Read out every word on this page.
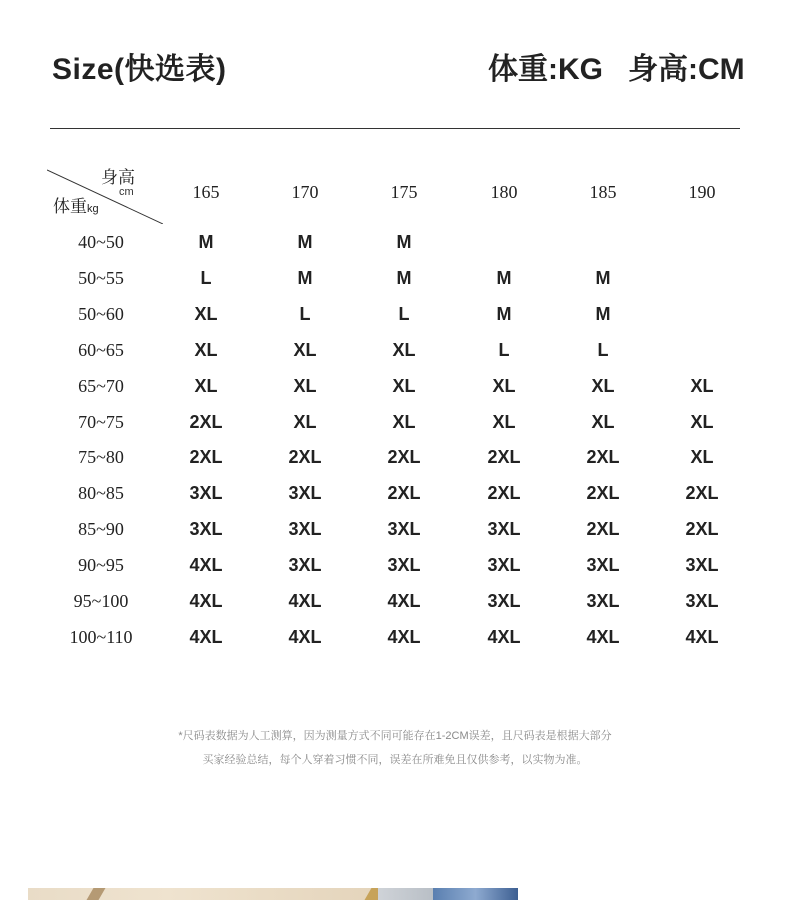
Size(快选表)	体重:KG 身高:CM
身高
cm
体重kg
165	170	175	180	185	190
40~50	M	M	M
50~55	L	M	M	M	M
50~60	XL	L	L	M	M
60~65	XL	XL	XL	L	L
65~70	XL	XL	XL	XL	XL	XL
70~75	2XL	XL	XL	XL	XL	XL
75~80	2XL	2XL	2XL	2XL	2XL	XL
80~85	3XL	3XL	2XL	2XL	2XL	2XL
85~90	3XL	3XL	3XL	3XL	2XL	2XL
90~95	4XL	3XL	3XL	3XL	3XL	3XL
95~100	4XL	4XL	4XL	3XL	3XL	3XL
100~110	4XL	4XL	4XL	4XL	4XL	4XL
*尺码表数据为人工测算，因为测量方式不同可能存在1-2CM误差，且尺码表是根据大部分
买家经验总结，每个人穿着习惯不同，误差在所难免且仅供参考，以实物为准。
